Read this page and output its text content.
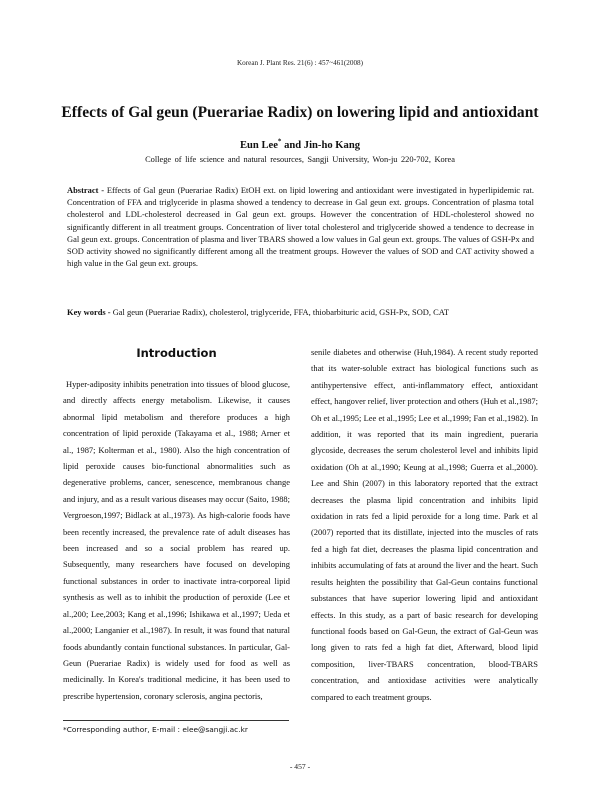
Korean J. Plant Res. 21(6) : 457~461(2008)
Effects of Gal geun (Puerariae Radix) on lowering lipid and antioxidant
Eun Lee* and Jin-ho Kang
College of life science and natural resources, Sangji University, Won-ju 220-702, Korea
Abstract - Effects of Gal geun (Puerariae Radix) EtOH ext. on lipid lowering and antioxidant were investigated in hyperlipidemic rat. Concentration of FFA and triglyceride in plasma showed a tendency to decrease in Gal geun ext. groups. Concentration of plasma total cholesterol and LDL-cholesterol decreased in Gal geun ext. groups. However the concentration of HDL-cholesterol showed no significantly different in all treatment groups. Concentration of liver total cholesterol and triglyceride showed a tendence to decrease in Gal geun ext. groups. Concentration of plasma and liver TBARS showed a low values in Gal geun ext. groups. The values of GSH-Px and SOD activity showed no significantly different among all the treatment groups. However the values of SOD and CAT activity showed a high value in the Gal geun ext. groups.
Key words - Gal geun (Puerariae Radix), cholesterol, triglyceride, FFA, thiobarbituric acid, GSH-Px, SOD, CAT
Introduction

Hyper-adiposity inhibits penetration into tissues of blood glucose, and directly affects energy metabolism. Likewise, it causes abnormal lipid metabolism and therefore produces a high concentration of lipid peroxide (Takayama et al., 1988; Arner et al., 1987; Kolterman et al., 1980). Also the high concentration of lipid peroxide causes bio-functional abnormalities such as degenerative problems, cancer, senescence, membranous change and injury, and as a result various diseases may occur (Saito, 1988; Vergroeson,1997; Bidlack at al.,1973). As high-calorie foods have been recently increased, the prevalence rate of adult diseases has been increased and so a social problem has reared up. Subsequently, many researchers have focused on developing functional substances in order to inactivate intra-corporeal lipid synthesis as well as to inhibit the production of peroxide (Lee et al.,200; Lee,2003; Kang et al.,1996; Ishikawa et al.,1997; Ueda et al.,2000; Langanier et al.,1987). In result, it was found that natural foods abundantly contain functional substances. In particular, Gal-Geun (Puerariae Radix) is widely used for food as well as medicinally. In Korea's traditional medicine, it has been used to prescribe hypertension, coronary sclerosis, angina pectoris,

senile diabetes and otherwise (Huh,1984). A recent study reported that its water-soluble extract has biological functions such as antihypertensive effect, anti-inflammatory effect, antioxidant effect, hangover relief, liver protection and others (Huh et al.,1987; Oh et al.,1995; Lee et al.,1995; Lee et al.,1999; Fan et al.,1982). In addition, it was reported that its main ingredient, pueraria glycoside, decreases the serum cholesterol level and inhibits lipid oxidation (Oh at al.,1990; Keung at al.,1998; Guerra et al.,2000). Lee and Shin (2007) in this laboratory reported that the extract decreases the plasma lipid concentration and inhibits lipid oxidation in rats fed a lipid peroxide for a long time. Park et al (2007) reported that its distillate, injected into the muscles of rats fed a high fat diet, decreases the plasma lipid concentration and inhibits accumulating of fats at around the liver and the heart. Such results heighten the possibility that Gal-Geun contains functional substances that have superior lowering lipid and antioxidant effects. In this study, as a part of basic research for developing functional foods based on Gal-Geun, the extract of Gal-Geun was long given to rats fed a high fat diet, Afterward, blood lipid composition, liver-TBARS concentration, blood-TBARS concentration, and antioxidase activities were analytically compared to each treatment groups.

*Corresponding author, E-mail : elee@sangji.ac.kr
- 457 -
